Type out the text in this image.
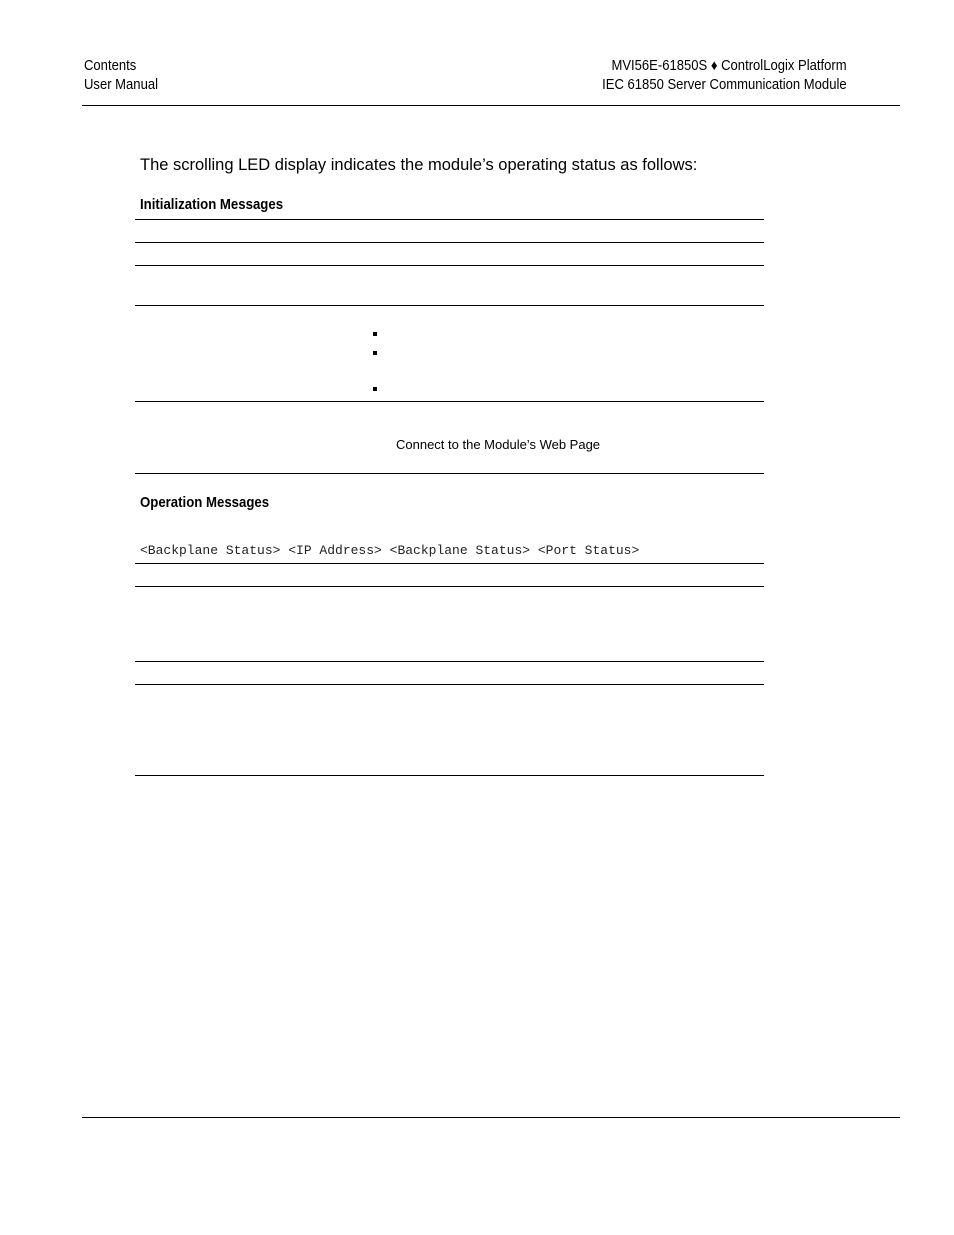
Contents
User Manual
MVI56E-61850S ♦ ControlLogix Platform
IEC 61850 Server Communication Module
The scrolling LED display indicates the module’s operating status as follows:
Initialization Messages
Connect to the Module’s Web Page
Operation Messages
<Backplane Status> <IP Address> <Backplane Status> <Port Status>
